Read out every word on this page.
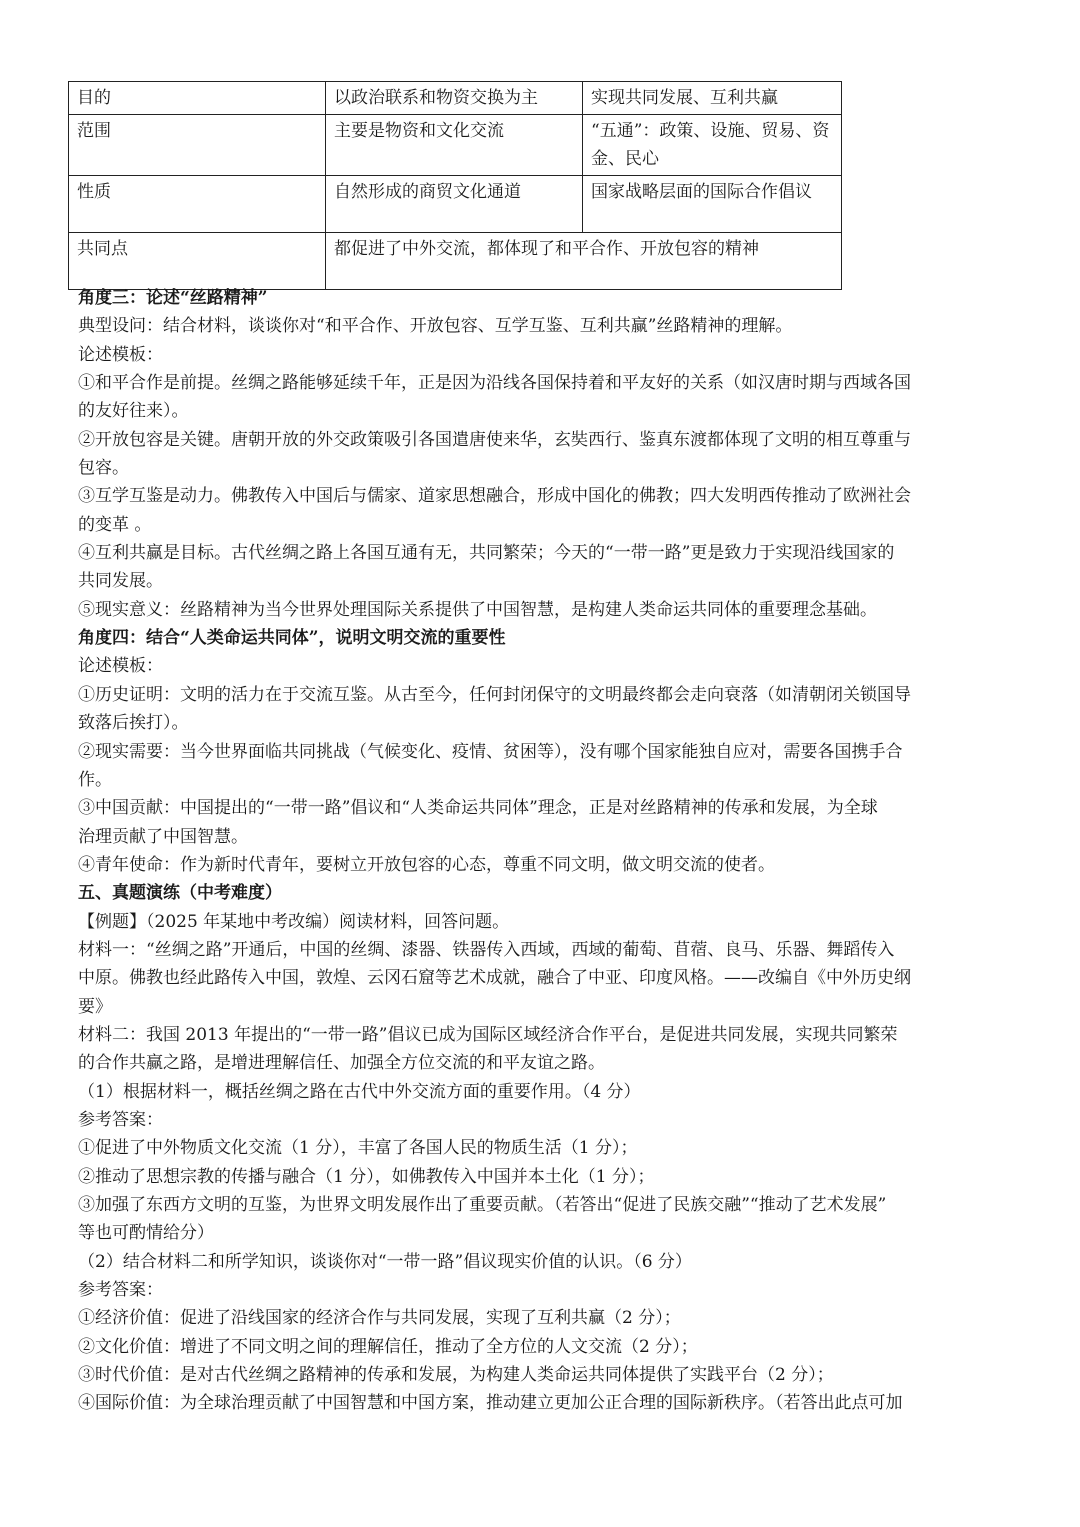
目的	以政治联系和物资交换为主	实现共同发展、互利共赢
范围	主要是物资和文化交流	“五通”：政策、设施、贸易、资金、民心
性质	自然形成的商贸文化通道	国家战略层面的国际合作倡议
共同点	都促进了中外交流，都体现了和平合作、开放包容的精神	
角度三：论述“丝路精神”
典型设问：结合材料，谈谈你对“和平合作、开放包容、互学互鉴、互利共赢”丝路精神的理解。
论述模板：
①和平合作是前提。丝绸之路能够延续千年，正是因为沿线各国保持着和平友好的关系（如汉唐时期与西域各国
的友好往来）。
②开放包容是关键。唐朝开放的外交政策吸引各国遣唐使来华，玄奘西行、鉴真东渡都体现了文明的相互尊重与
包容。
③互学互鉴是动力。佛教传入中国后与儒家、道家思想融合，形成中国化的佛教；四大发明西传推动了欧洲社会
的变革 。
④互利共赢是目标。古代丝绸之路上各国互通有无，共同繁荣；今天的“一带一路”更是致力于实现沿线国家的
共同发展。
⑤现实意义：丝路精神为当今世界处理国际关系提供了中国智慧，是构建人类命运共同体的重要理念基础。
角度四：结合“人类命运共同体”，说明文明交流的重要性
论述模板：
①历史证明：文明的活力在于交流互鉴。从古至今，任何封闭保守的文明最终都会走向衰落（如清朝闭关锁国导
致落后挨打）。
②现实需要：当今世界面临共同挑战（气候变化、疫情、贫困等），没有哪个国家能独自应对，需要各国携手合
作。
③中国贡献：中国提出的“一带一路”倡议和“人类命运共同体”理念，正是对丝路精神的传承和发展，为全球
治理贡献了中国智慧。
④青年使命：作为新时代青年，要树立开放包容的心态，尊重不同文明，做文明交流的使者。
五、真题演练（中考难度）
【例题】（2025 年某地中考改编）阅读材料，回答问题。
材料一：“丝绸之路”开通后，中国的丝绸、漆器、铁器传入西域，西域的葡萄、苜蓿、良马、乐器、舞蹈传入
中原。佛教也经此路传入中国，敦煌、云冈石窟等艺术成就，融合了中亚、印度风格。——改编自《中外历史纲
要》
材料二：我国 2013 年提出的“一带一路”倡议已成为国际区域经济合作平台，是促进共同发展，实现共同繁荣
的合作共赢之路，是增进理解信任、加强全方位交流的和平友谊之路。
（1）根据材料一，概括丝绸之路在古代中外交流方面的重要作用。（4 分）
参考答案：
①促进了中外物质文化交流（1 分），丰富了各国人民的物质生活（1 分）；
②推动了思想宗教的传播与融合（1 分），如佛教传入中国并本土化（1 分）；
③加强了东西方文明的互鉴，为世界文明发展作出了重要贡献。（若答出“促进了民族交融”“推动了艺术发展”
等也可酌情给分）
（2）结合材料二和所学知识，谈谈你对“一带一路”倡议现实价值的认识。（6 分）
参考答案：
①经济价值：促进了沿线国家的经济合作与共同发展，实现了互利共赢（2 分）；
②文化价值：增进了不同文明之间的理解信任，推动了全方位的人文交流（2 分）；
③时代价值：是对古代丝绸之路精神的传承和发展，为构建人类命运共同体提供了实践平台（2 分）；
④国际价值：为全球治理贡献了中国智慧和中国方案，推动建立更加公正合理的国际新秩序。（若答出此点可加
